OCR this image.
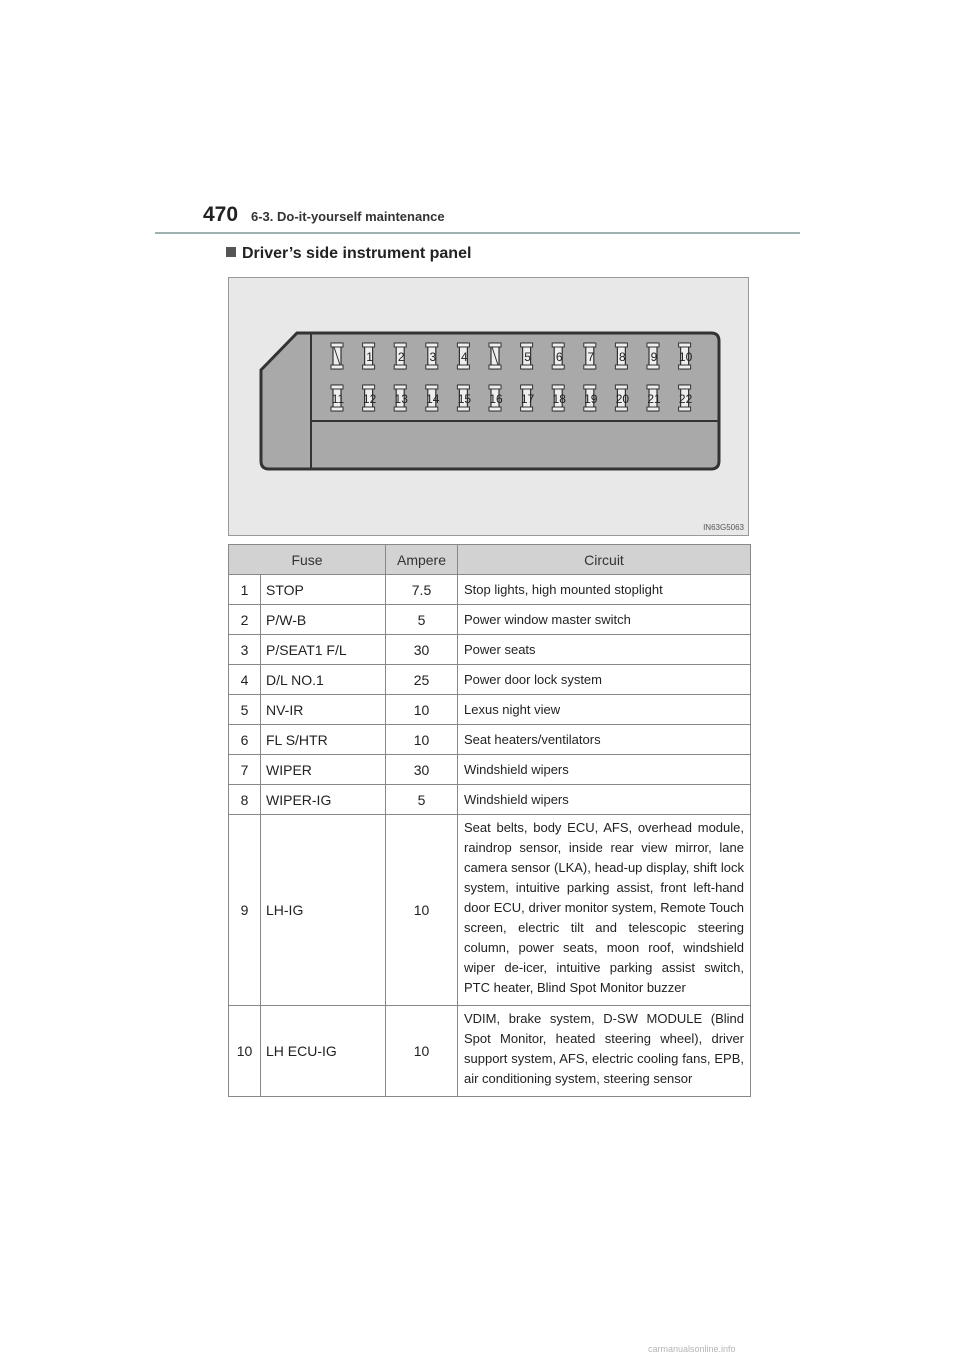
470 6-3. Do-it-yourself maintenance
Driver’s side instrument panel
1 2 3 4	5 6 7 8 9 10
11 12 13 14 15 16 17 18 19 20 21 22
IN63G5063
Fuse		Ampere	Circuit
1	STOP	7.5	Stop lights, high mounted stoplight
2	P/W-B	5	Power window master switch
3	P/SEAT1 F/L	30	Power seats
4	D/L NO.1	25	Power door lock system
5	NV-IR	10	Lexus night view
6	FL S/HTR	10	Seat heaters/ventilators
7	WIPER	30	Windshield wipers
8	WIPER-IG	5	Windshield wipers
9	LH-IG	10	Seat belts, body ECU, AFS, overhead module, raindrop sensor, inside rear view mirror, lane camera sensor (LKA), head-up display, shift lock system, intuitive parking assist, front left-hand door ECU, driver monitor system, Remote Touch screen, electric tilt and telescopic steering column, power seats, moon roof, windshield wiper de-icer, intuitive parking assist switch, PTC heater, Blind Spot Monitor buzzer
10	LH ECU-IG	10	VDIM, brake system, D-SW MODULE (Blind Spot Monitor, heated steering wheel), driver support system, AFS, electric cooling fans, EPB, air conditioning system, steering sensor
carmanualsonline.info
